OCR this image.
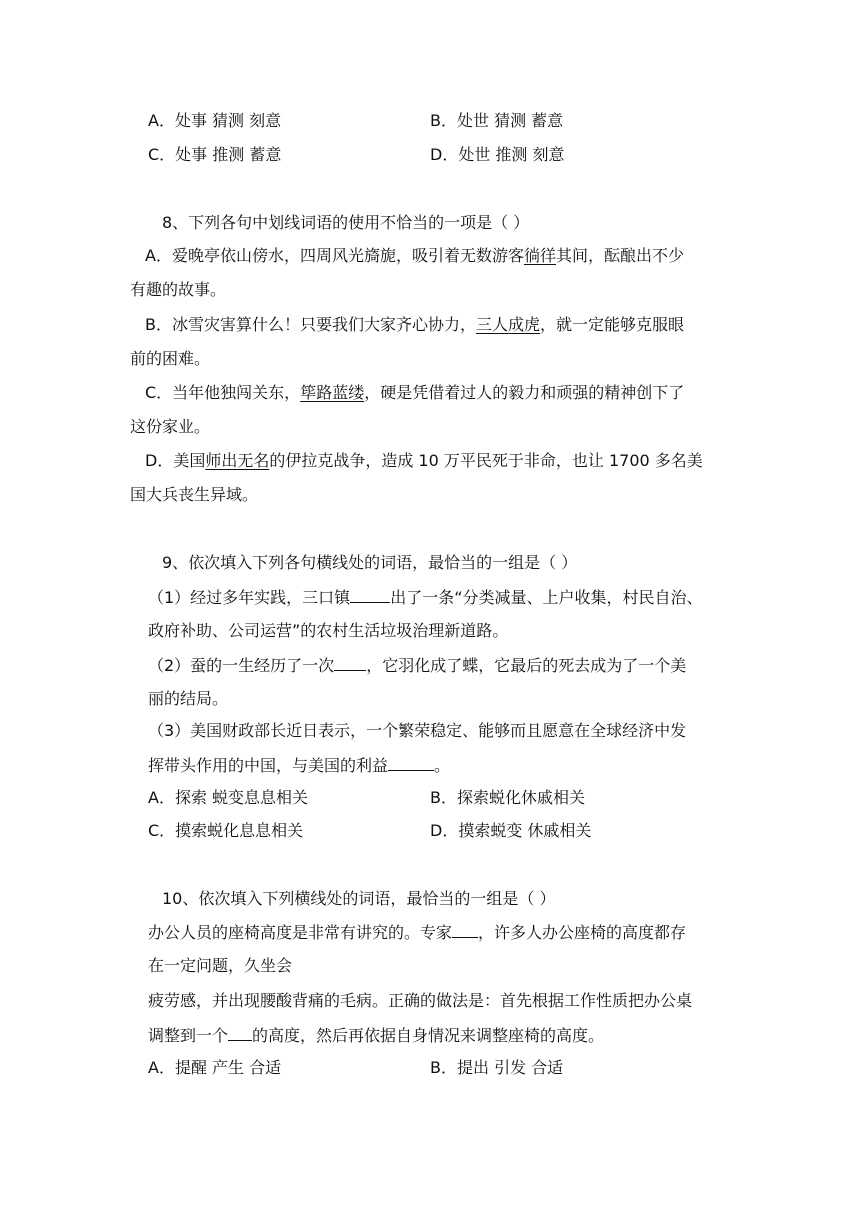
A．处事 猜测 刻意	B．处世 猜测 蓄意
C．处事 推测 蓄意	D．处世 推测 刻意
8、下列各句中划线词语的使用不恰当的一项是（ ）
A．爱晚亭依山傍水，四周风光旖旎，吸引着无数游客徜徉其间，酝酿出不少
有趣的故事。
B．冰雪灾害算什么！只要我们大家齐心协力，三人成虎，就一定能够克服眼
前的困难。
C．当年他独闯关东，筚路蓝缕，硬是凭借着过人的毅力和顽强的精神创下了
这份家业。
D．美国师出无名的伊拉克战争，造成 10 万平民死于非命，也让 1700 多名美
国大兵丧生异域。
9、依次填入下列各句横线处的词语，最恰当的一组是（ ）
（1）经过多年实践，三口镇	出了一条“分类减量、上户收集，村民自治、
政府补助、公司运营”的农村生活垃圾治理新道路。
（2）蚕的一生经历了一次 ，它羽化成了蝶，它最后的死去成为了一个美
丽的结局。
（3）美国财政部长近日表示，一个繁荣稳定、能够而且愿意在全球经济中发
挥带头作用的中国，与美国的利益	。
A．探索 蜕变息息相关	B．探索蜕化休戚相关
C．摸索蜕化息息相关	D．摸索蜕变 休戚相关
10、依次填入下列横线处的词语，最恰当的一组是（ ）
办公人员的座椅高度是非常有讲究的。专家 ，许多人办公座椅的高度都存
在一定问题，久坐会
疲劳感，并出现腰酸背痛的毛病。正确的做法是：首先根据工作性质把办公桌
调整到一个 的高度，然后再依据自身情况来调整座椅的高度。
A．提醒 产生 合适	B．提出 引发 合适
